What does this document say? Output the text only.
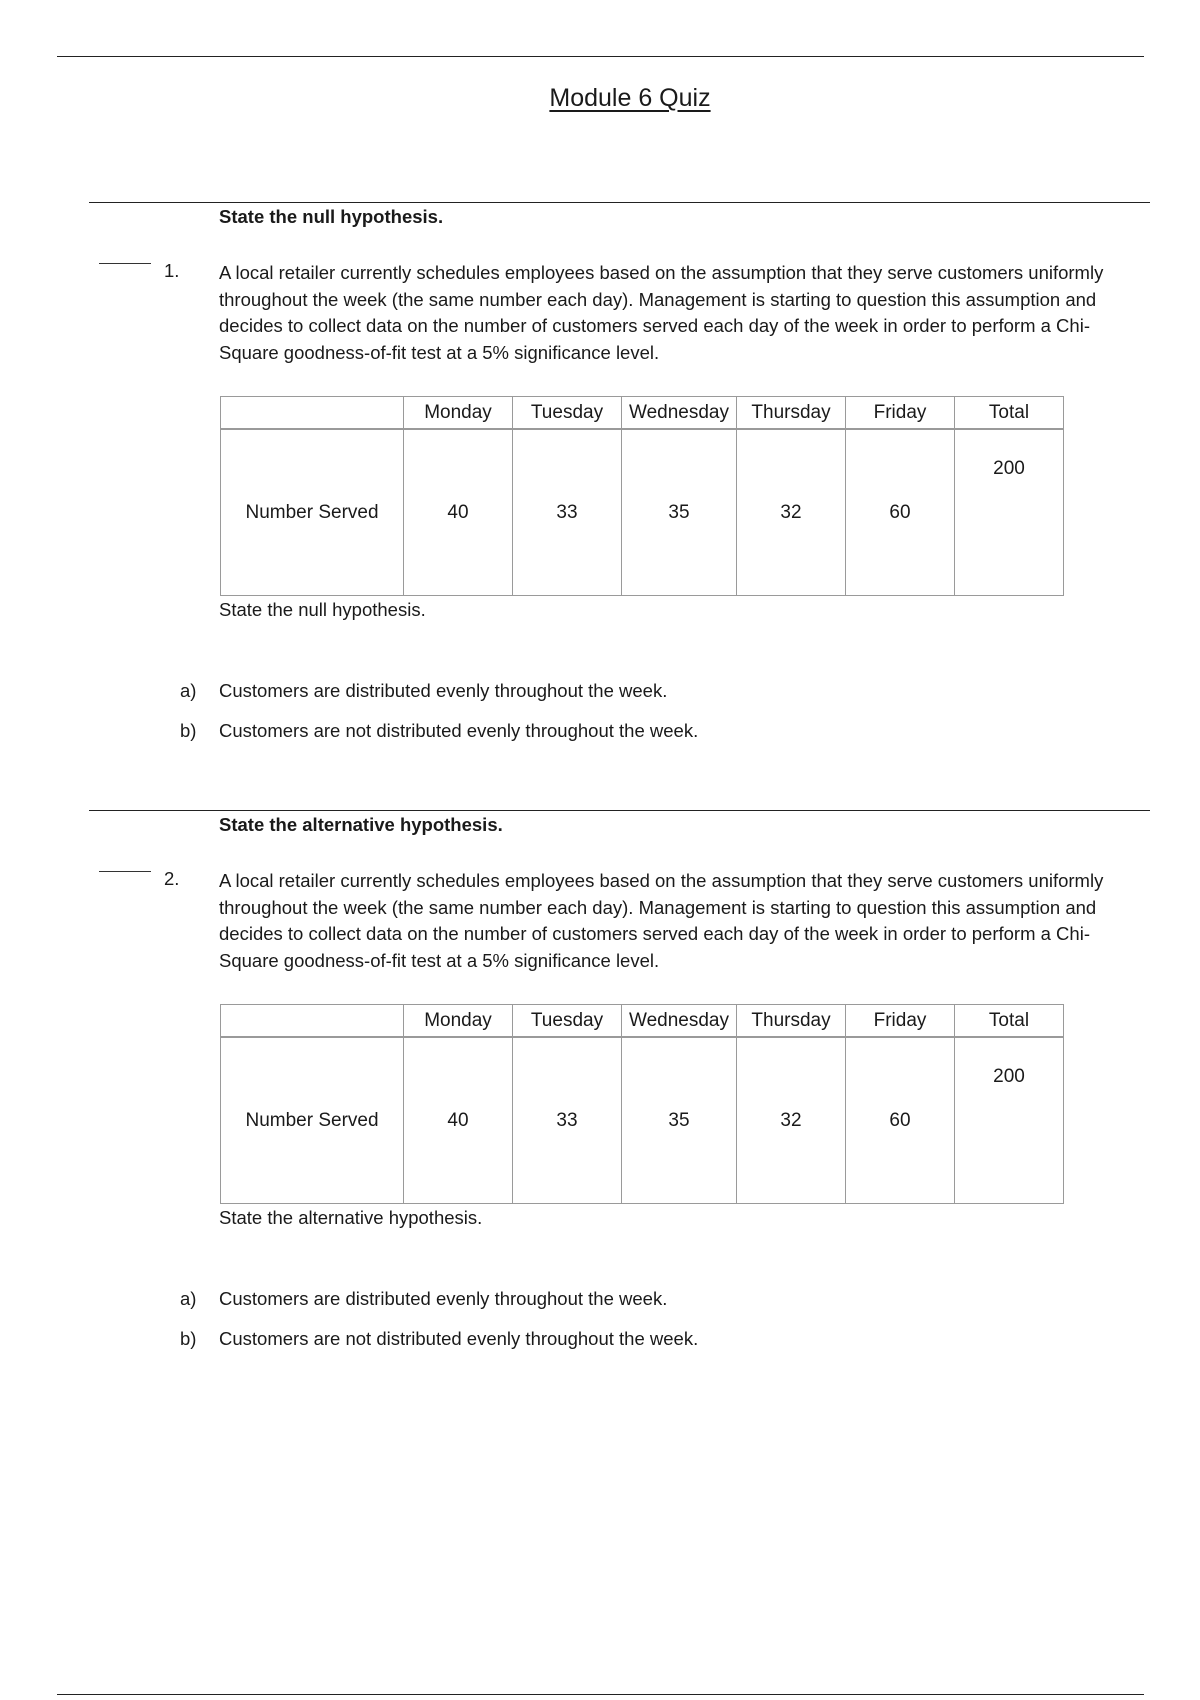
Module 6 Quiz
State the null hypothesis.
1. A local retailer currently schedules employees based on the assumption that they serve customers uniformly throughout the week (the same number each day). Management is starting to question this assumption and decides to collect data on the number of customers served each day of the week in order to perform a Chi-Square goodness-of-fit test at a 5% significance level.
	Monday	Tuesday	Wednesday	Thursday	Friday	Total
Number Served	40	33	35	32	60	200
State the null hypothesis.
a) Customers are distributed evenly throughout the week.
b) Customers are not distributed evenly throughout the week.
State the alternative hypothesis.
2. A local retailer currently schedules employees based on the assumption that they serve customers uniformly throughout the week (the same number each day). Management is starting to question this assumption and decides to collect data on the number of customers served each day of the week in order to perform a Chi-Square goodness-of-fit test at a 5% significance level.
	Monday	Tuesday	Wednesday	Thursday	Friday	Total
Number Served	40	33	35	32	60	200
State the alternative hypothesis.
a) Customers are distributed evenly throughout the week.
b) Customers are not distributed evenly throughout the week.
